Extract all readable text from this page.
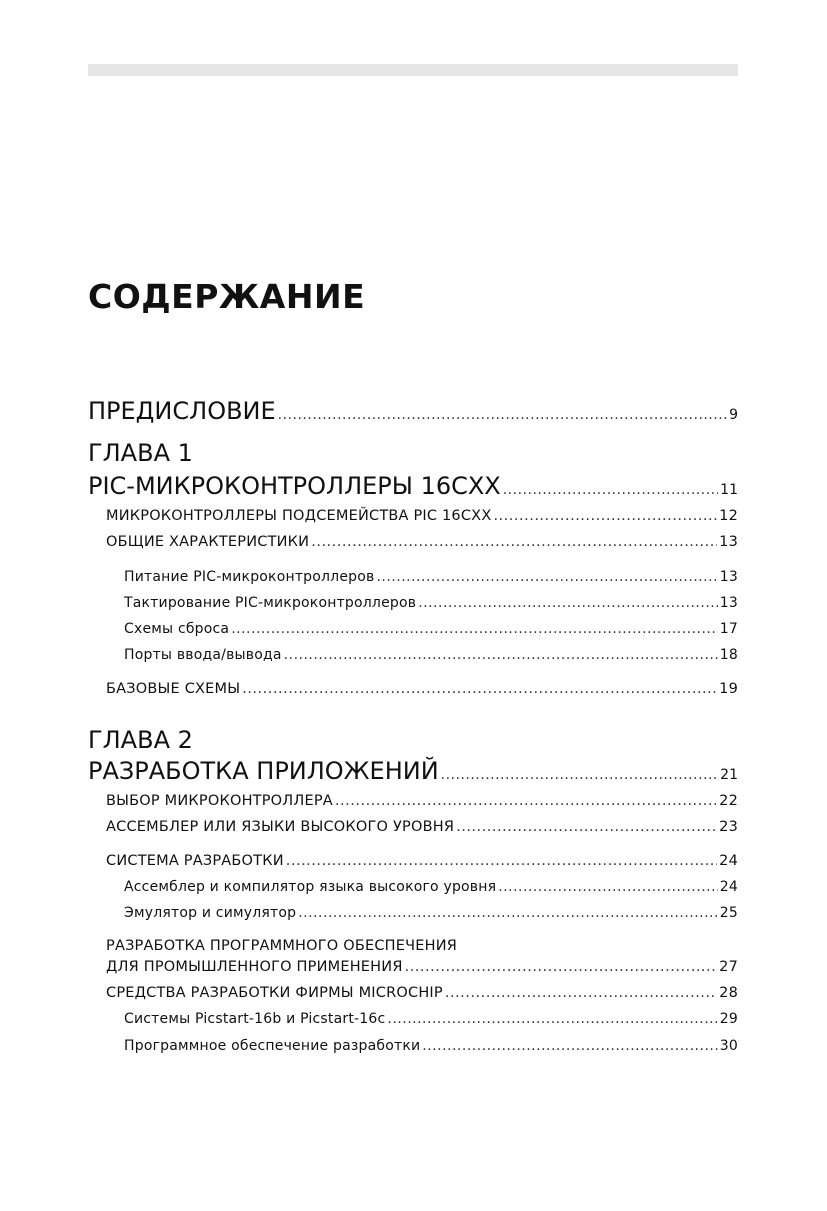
СОДЕРЖАНИЕ
ПРЕДИСЛОВИЕ .....	9
ГЛАВА 1
PIC-МИКРОКОНТРОЛЛЕРЫ 16CXX .....	11
МИКРОКОНТРОЛЛЕРЫ ПОДСЕМЕЙСТВА PIC 16CXX .....	12
ОБЩИЕ ХАРАКТЕРИСТИКИ .....	13
Питание PIC-микроконтроллеров .....	13
Тактирование PIC-микроконтроллеров .....	13
Схемы сброса .....	17
Порты ввода/вывода .....	18
БАЗОВЫЕ СХЕМЫ .....	19
ГЛАВА 2
РАЗРАБОТКА ПРИЛОЖЕНИЙ .....	21
ВЫБОР МИКРОКОНТРОЛЛЕРА .....	22
АССЕМБЛЕР ИЛИ ЯЗЫКИ ВЫСОКОГО УРОВНЯ .....	23
СИСТЕМА РАЗРАБОТКИ .....	24
Ассемблер и компилятор языка высокого уровня .....	24
Эмулятор и симулятор .....	25
РАЗРАБОТКА ПРОГРАММНОГО ОБЕСПЕЧЕНИЯ
ДЛЯ ПРОМЫШЛЕННОГО ПРИМЕНЕНИЯ .....	27
СРЕДСТВА РАЗРАБОТКИ ФИРМЫ MICROCHIP .....	28
Системы Picstart-16b и Picstart-16c .....	29
Программное обеспечение разработки .....	30
